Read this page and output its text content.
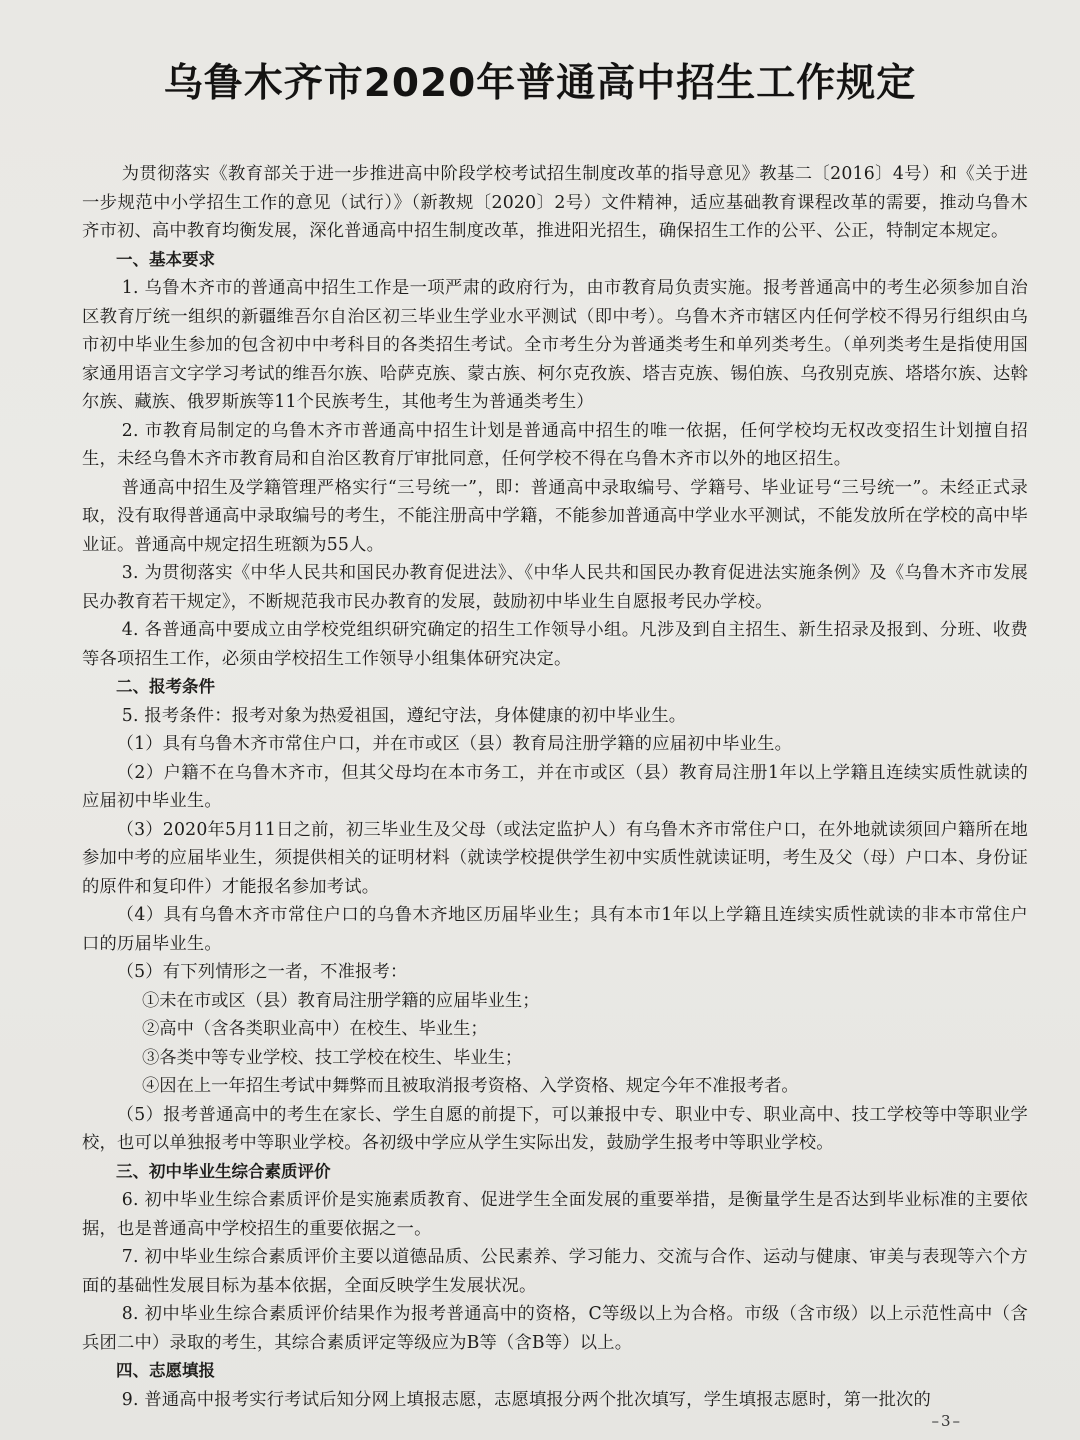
乌鲁木齐市2020年普通高中招生工作规定

为贯彻落实《教育部关于进一步推进高中阶段学校考试招生制度改革的指导意见》教基二〔2016〕4号）和《关于进一步规范中小学招生工作的意见（试行）》（新教规〔2020〕2号）文件精神，适应基础教育课程改革的需要，推动乌鲁木齐市初、高中教育均衡发展，深化普通高中招生制度改革，推进阳光招生，确保招生工作的公平、公正，特制定本规定。

一、基本要求

1. 乌鲁木齐市的普通高中招生工作是一项严肃的政府行为，由市教育局负责实施。报考普通高中的考生必须参加自治区教育厅统一组织的新疆维吾尔自治区初三毕业生学业水平测试（即中考）。乌鲁木齐市辖区内任何学校不得另行组织由乌市初中毕业生参加的包含初中中考科目的各类招生考试。全市考生分为普通类考生和单列类考生。（单列类考生是指使用国家通用语言文字学习考试的维吾尔族、哈萨克族、蒙古族、柯尔克孜族、塔吉克族、锡伯族、乌孜别克族、塔塔尔族、达斡尔族、藏族、俄罗斯族等11个民族考生，其他考生为普通类考生）

2. 市教育局制定的乌鲁木齐市普通高中招生计划是普通高中招生的唯一依据，任何学校均无权改变招生计划擅自招生，未经乌鲁木齐市教育局和自治区教育厅审批同意，任何学校不得在乌鲁木齐市以外的地区招生。

普通高中招生及学籍管理严格实行“三号统一”，即：普通高中录取编号、学籍号、毕业证号“三号统一”。未经正式录取，没有取得普通高中录取编号的考生，不能注册高中学籍，不能参加普通高中学业水平测试，不能发放所在学校的高中毕业证。普通高中规定招生班额为55人。

3. 为贯彻落实《中华人民共和国民办教育促进法》、《中华人民共和国民办教育促进法实施条例》及《乌鲁木齐市发展民办教育若干规定》，不断规范我市民办教育的发展，鼓励初中毕业生自愿报考民办学校。

4. 各普通高中要成立由学校党组织研究确定的招生工作领导小组。凡涉及到自主招生、新生招录及报到、分班、收费等各项招生工作，必须由学校招生工作领导小组集体研究决定。

二、报考条件

5. 报考条件：报考对象为热爱祖国，遵纪守法，身体健康的初中毕业生。

（1）具有乌鲁木齐市常住户口，并在市或区（县）教育局注册学籍的应届初中毕业生。

（2）户籍不在乌鲁木齐市，但其父母均在本市务工，并在市或区（县）教育局注册1年以上学籍且连续实质性就读的应届初中毕业生。

（3）2020年5月11日之前，初三毕业生及父母（或法定监护人）有乌鲁木齐市常住户口，在外地就读须回户籍所在地参加中考的应届毕业生，须提供相关的证明材料（就读学校提供学生初中实质性就读证明，考生及父（母）户口本、身份证的原件和复印件）才能报名参加考试。

（4）具有乌鲁木齐市常住户口的乌鲁木齐地区历届毕业生；具有本市1年以上学籍且连续实质性就读的非本市常住户口的历届毕业生。

（5）有下列情形之一者，不准报考：

①未在市或区（县）教育局注册学籍的应届毕业生；

②高中（含各类职业高中）在校生、毕业生；

③各类中等专业学校、技工学校在校生、毕业生；

④因在上一年招生考试中舞弊而且被取消报考资格、入学资格、规定今年不准报考者。

（5）报考普通高中的考生在家长、学生自愿的前提下，可以兼报中专、职业中专、职业高中、技工学校等中等职业学校，也可以单独报考中等职业学校。各初级中学应从学生实际出发，鼓励学生报考中等职业学校。

三、初中毕业生综合素质评价

6. 初中毕业生综合素质评价是实施素质教育、促进学生全面发展的重要举措，是衡量学生是否达到毕业标准的主要依据，也是普通高中学校招生的重要依据之一。

7. 初中毕业生综合素质评价主要以道德品质、公民素养、学习能力、交流与合作、运动与健康、审美与表现等六个方面的基础性发展目标为基本依据，全面反映学生发展状况。

8. 初中毕业生综合素质评价结果作为报考普通高中的资格，C等级以上为合格。市级（含市级）以上示范性高中（含兵团二中）录取的考生，其综合素质评定等级应为B等（含B等）以上。

四、志愿填报

9. 普通高中报考实行考试后知分网上填报志愿，志愿填报分两个批次填写，学生填报志愿时，第一批次的

–3–
